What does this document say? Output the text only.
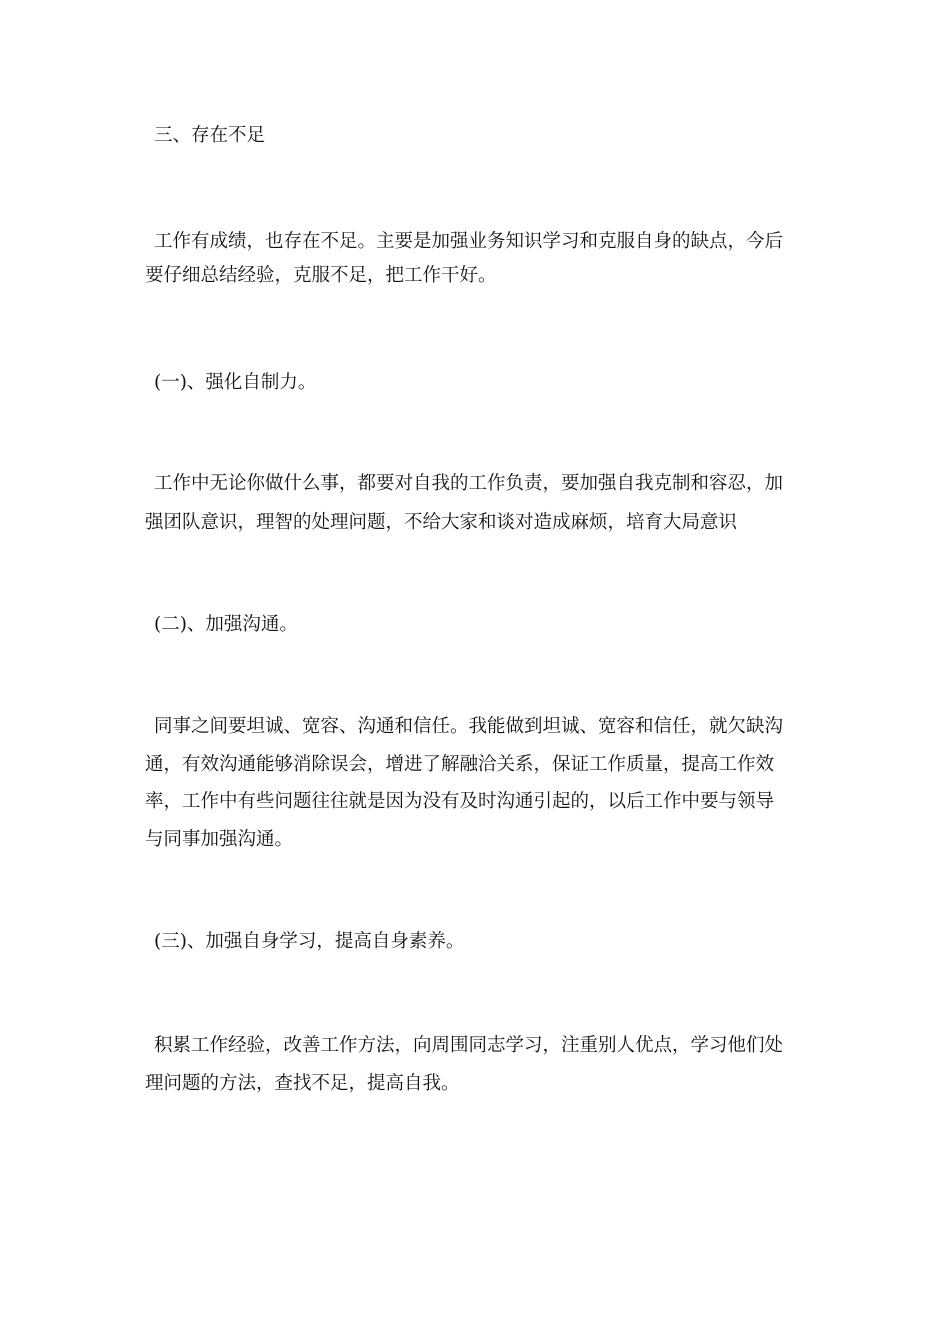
三、存在不足
工作有成绩，也存在不足。主要是加强业务知识学习和克服自身的缺点，今后
要仔细总结经验，克服不足，把工作干好。
(一)、强化自制力。
工作中无论你做什么事，都要对自我的工作负责，要加强自我克制和容忍，加
强团队意识，理智的处理问题，不给大家和谈对造成麻烦，培育大局意识
(二)、加强沟通。
同事之间要坦诚、宽容、沟通和信任。我能做到坦诚、宽容和信任，就欠缺沟
通，有效沟通能够消除误会，增进了解融洽关系，保证工作质量，提高工作效
率，工作中有些问题往往就是因为没有及时沟通引起的，以后工作中要与领导
与同事加强沟通。
(三)、加强自身学习，提高自身素养。
积累工作经验，改善工作方法，向周围同志学习，注重别人优点，学习他们处
理问题的方法，查找不足，提高自我。
